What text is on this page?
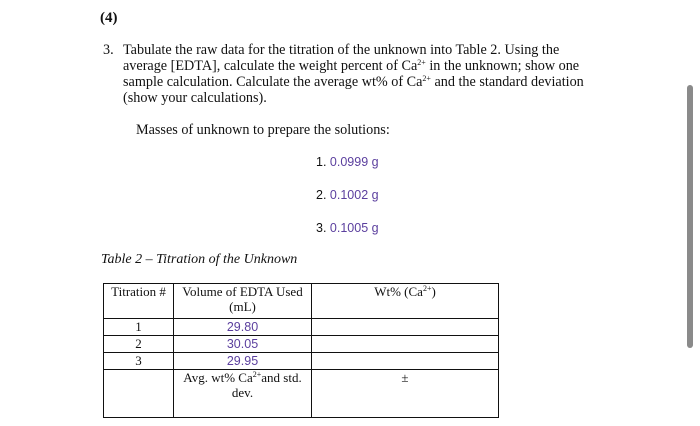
(4)
3. Tabulate the raw data for the titration of the unknown into Table 2. Using the average [EDTA], calculate the weight percent of $Ca^{2+}$ in the unknown; show one sample calculation. Calculate the average wt% of $Ca^{2+}$ and the standard deviation (show your calculations).
Masses of unknown to prepare the solutions:
1. 0.0999 g
2. 0.1002 g
3. 0.1005 g
Table 2 – Titration of the Unknown
Titration #	Volume of EDTA Used (mL)	Wt% $(Ca^{2+})$
1	29.80	
2	30.05	
3	29.95	
	Avg. wt% $Ca^{2+}and$ std. dev.	±
